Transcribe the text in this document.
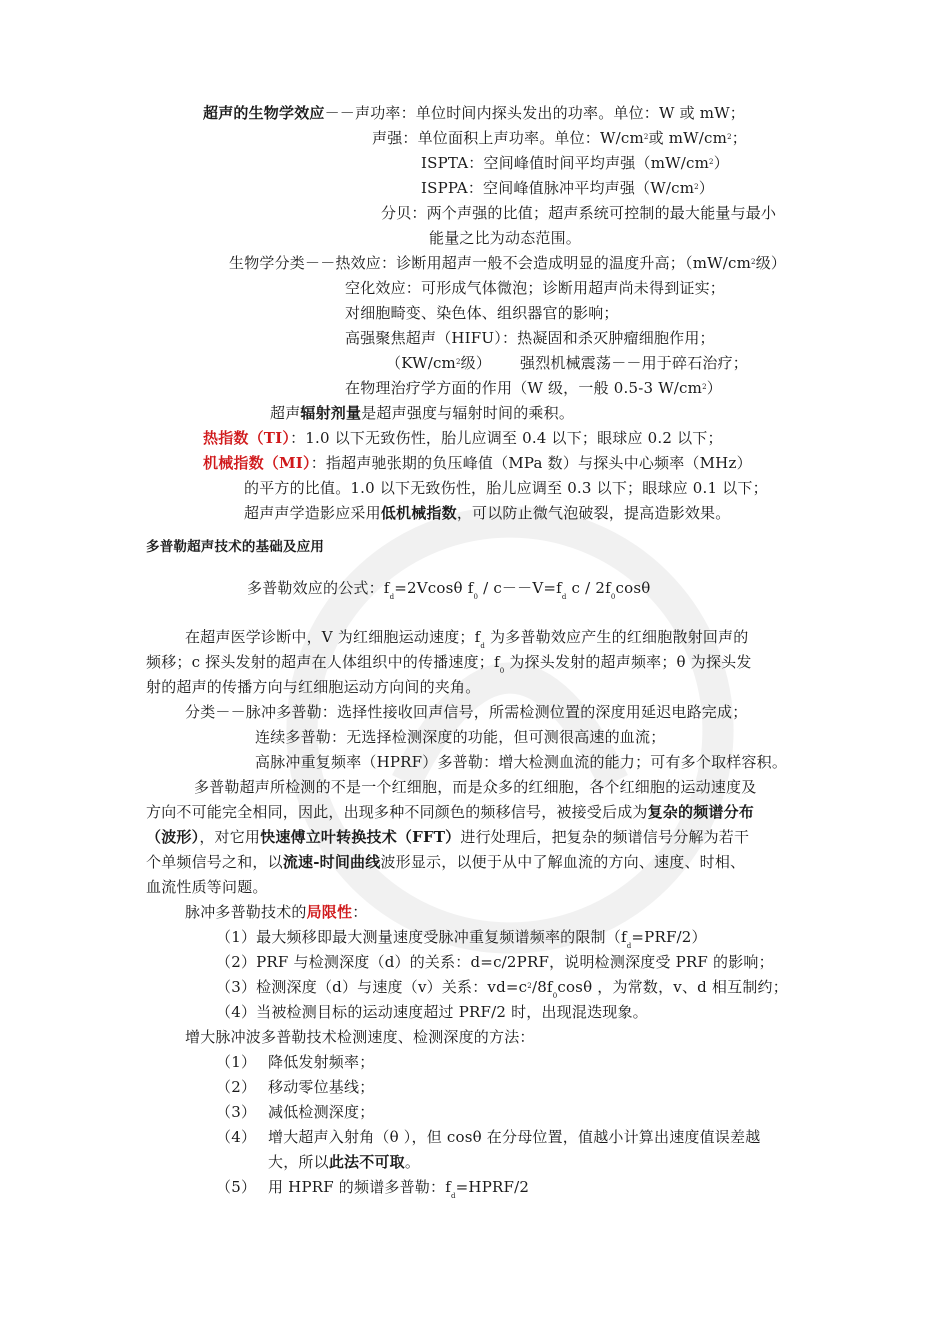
超声的生物学效应－－声功率：单位时间内探头发出的功率。单位：W 或 mW；
声强：单位面积上声功率。单位：$W/cm^2$或 $mW/cm^2$；
ISPTA：空间峰值时间平均声强$(mW/cm^2)$
ISPPA：空间峰值脉冲平均声强$(W/cm^2)$
分贝：两个声强的比值；超声系统可控制的最大能量与最小
能量之比为动态范围。
生物学分类－－热效应：诊断用超声一般不会造成明显的温度升高；（$mW/cm^2$级）
空化效应：可形成气体微泡；诊断用超声尚未得到证实；
对细胞畸变、染色体、组织器官的影响；
高强聚焦超声（HIFU）：热凝固和杀灭肿瘤细胞作用；
（$KW/cm^2$级） 强烈机械震荡－－用于碎石治疗；
在物理治疗学方面的作用（W 级，一般 0.5-3 $W/cm^2$）
超声辐射剂量是超声强度与辐射时间的乘积。
热指数（TI）：1.0 以下无致伤性，胎儿应调至 0.4 以下；眼球应 0.2 以下；
机械指数（MI）：指超声驰张期的负压峰值（MPa 数）与探头中心频率（MHz）
的平方的比值。1.0 以下无致伤性，胎儿应调至 0.3 以下；眼球应 0.1 以下；
超声声学造影应采用低机械指数，可以防止微气泡破裂，提高造影效果。
多普勒超声技术的基础及应用
多普勒效应的公式：$f_d=2Vcos\theta$ $f_0 / c--V=f_d$ c / $2f_0\cos\theta$
在超声医学诊断中，V 为红细胞运动速度；$f_d$ 为多普勒效应产生的红细胞散射回声的
频移；c 探头发射的超声在人体组织中的传播速度；$f_0$ 为探头发射的超声频率；θ 为探头发
射的超声的传播方向与红细胞运动方向间的夹角。
分类－－脉冲多普勒：选择性接收回声信号，所需检测位置的深度用延迟电路完成；
连续多普勒：无选择检测深度的功能，但可测很高速的血流；
高脉冲重复频率（HPRF）多普勒：增大检测血流的能力；可有多个取样容积。
多普勒超声所检测的不是一个红细胞，而是众多的红细胞，各个红细胞的运动速度及
方向不可能完全相同，因此，出现多种不同颜色的频移信号，被接受后成为复杂的频谱分布
（波形），对它用快速傅立叶转换技术（FFT）进行处理后，把复杂的频谱信号分解为若干
个单频信号之和，以流速-时间曲线波形显示，以便于从中了解血流的方向、速度、时相、
血流性质等问题。
脉冲多普勒技术的局限性：
（1）最大频移即最大测量速度受脉冲重复频谱频率的限制$(f_d=PRF/2)$
（2）PRF 与检测深度（d）的关系：d=c/2PRF，说明检测深度受 PRF 的影响；
（3）检测深度（d）与速度（v）关系：$vd=c^2/8f_0\cos\theta$ ，为常数，v、d 相互制约；
（4）当被检测目标的运动速度超过 PRF/2 时，出现混迭现象。
增大脉冲波多普勒技术检测速度、检测深度的方法：
（1） 降低发射频率；
（2） 移动零位基线；
（3） 减低检测深度；
（4） 增大超声入射角（θ ），但 cosθ 在分母位置，值越小计算出速度值误差越
大，所以此法不可取。
（5） 用 HPRF 的频谱多普勒：$f_d=HPRF/2$
